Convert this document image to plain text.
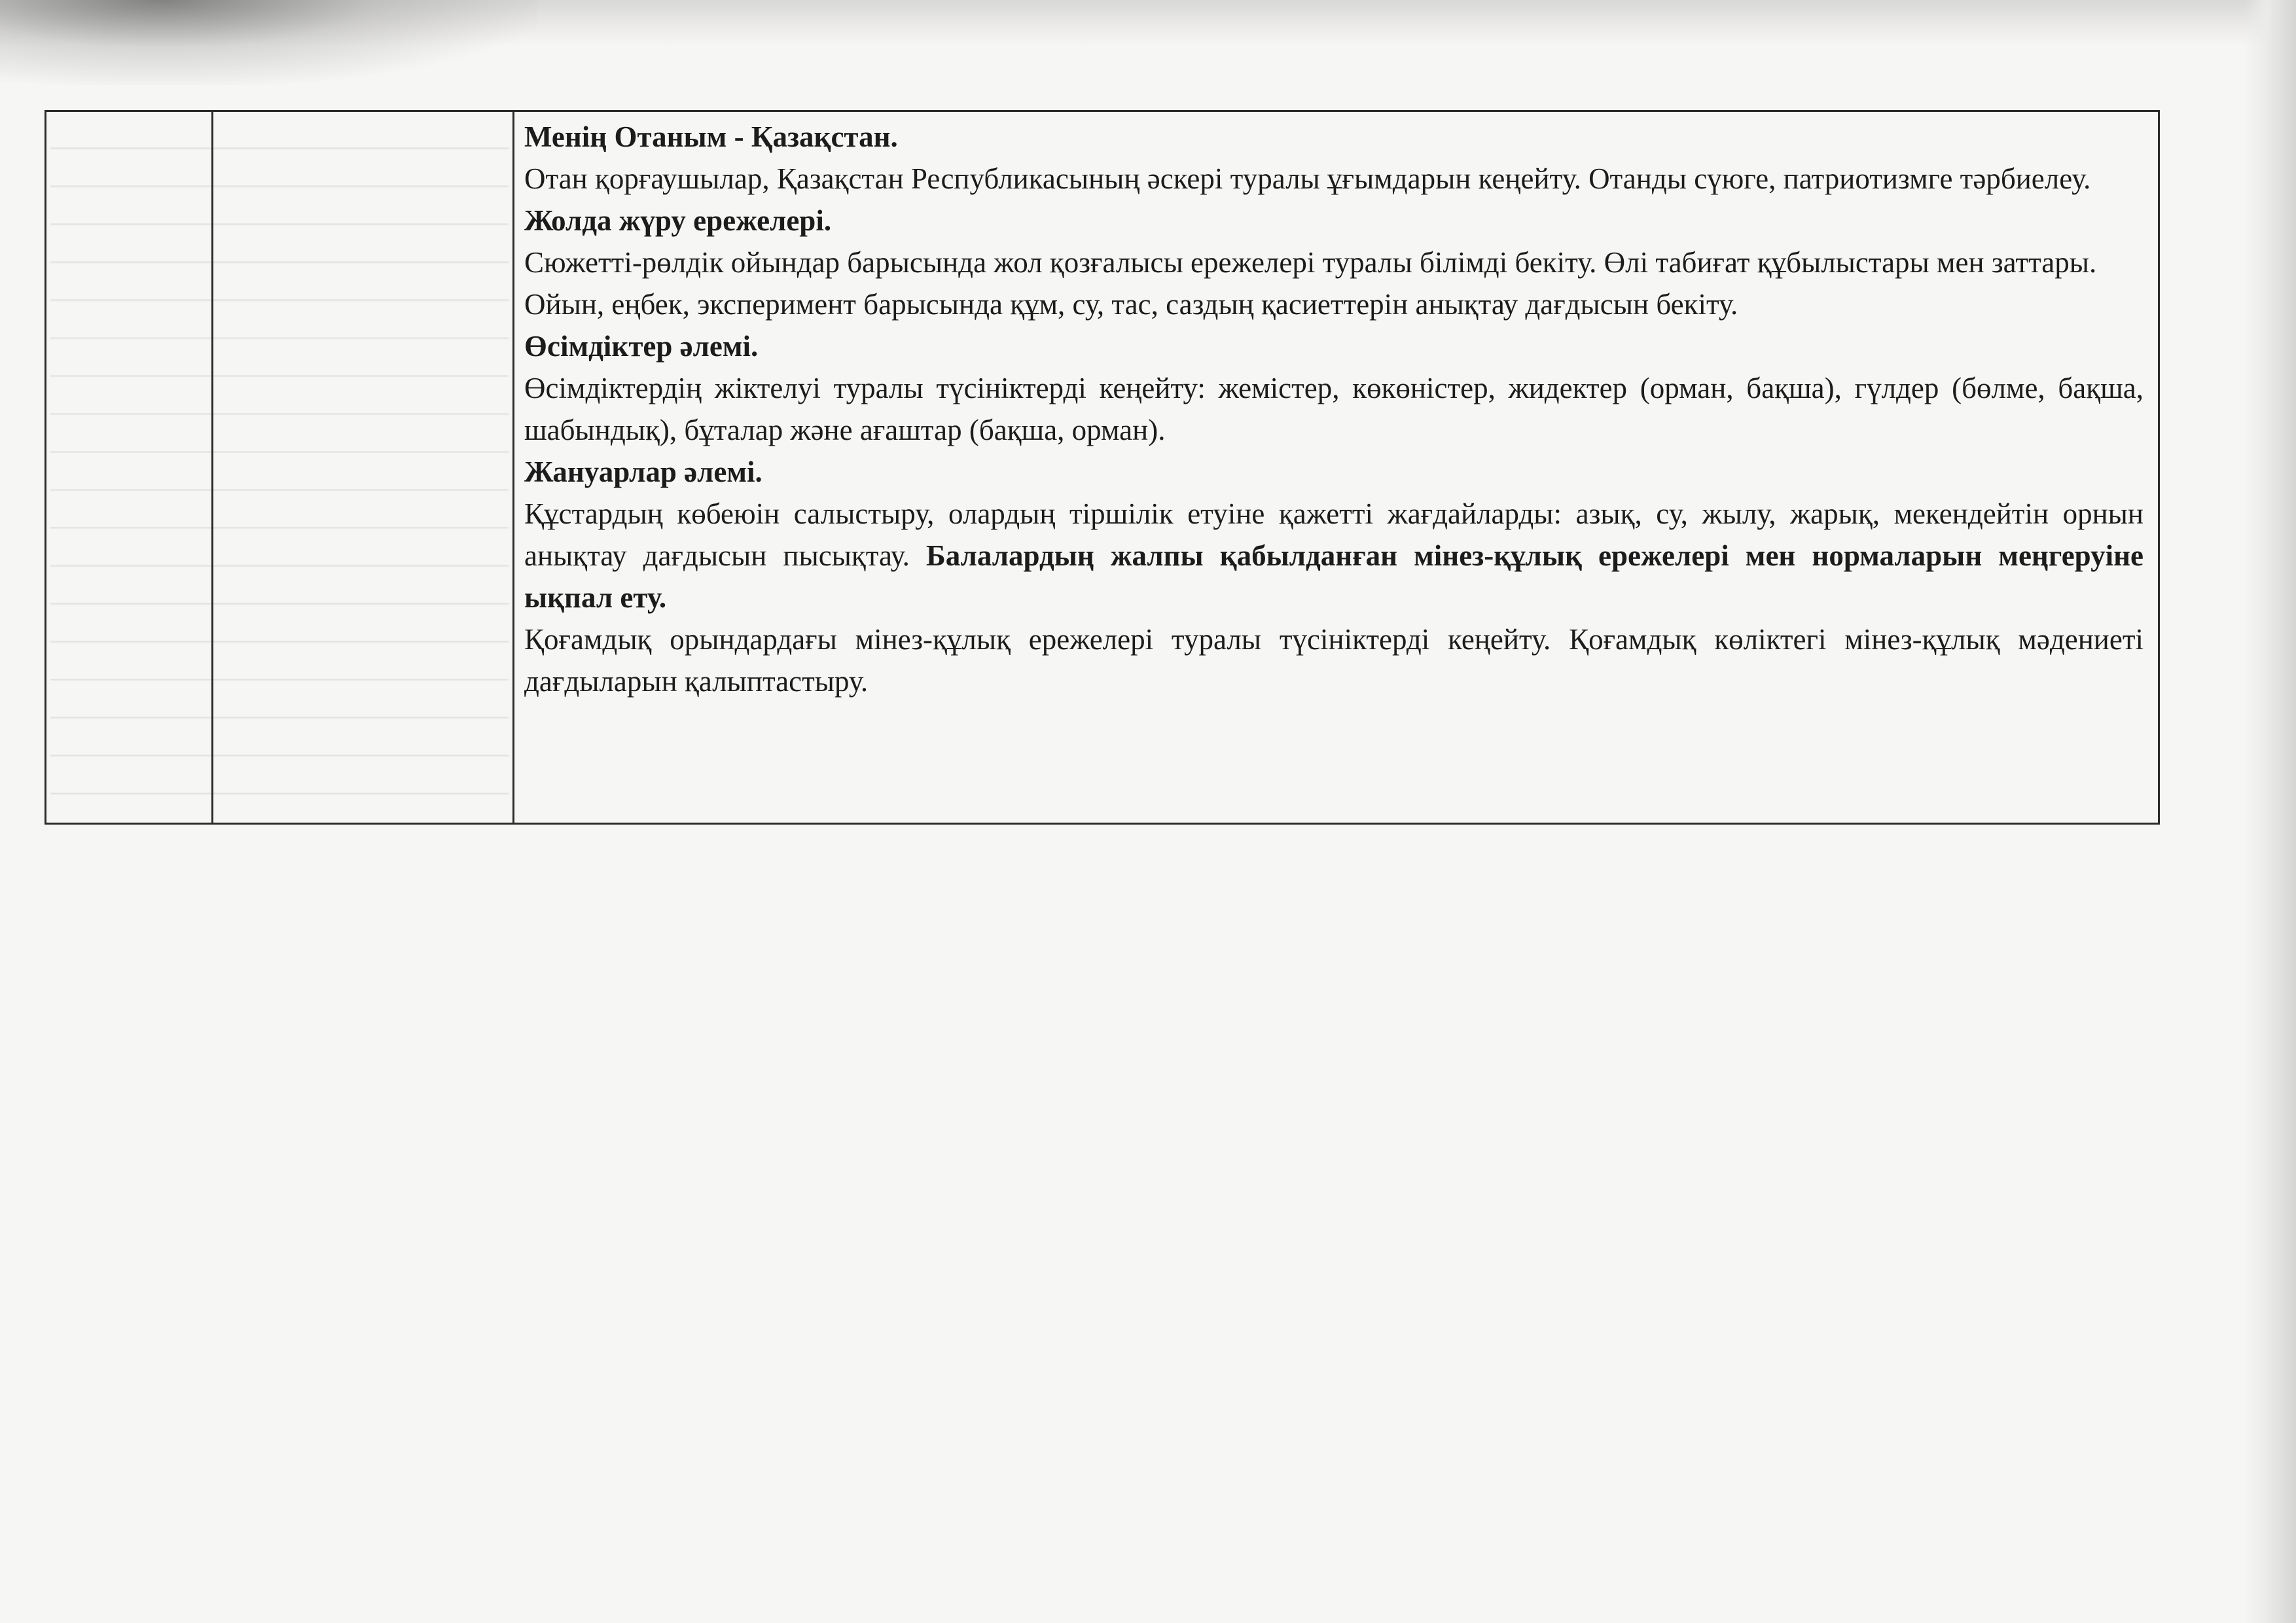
Менің Отаным - Қазақстан.

Отан қорғаушылар, Қазақстан Республикасының әскері туралы ұғымдарын кеңейту. Отанды сүюге, патриотизмге тәрбиелеу.

Жолда жүру ережелері.

Сюжетті-рөлдік ойындар барысында жол қозғалысы ережелері туралы білімді бекіту. Өлі табиғат құбылыстары мен заттары.

Ойын, еңбек, эксперимент барысында құм, су, тас, саздың қасиеттерін анықтау дағдысын бекіту.

Өсімдіктер әлемі.

Өсімдіктердің жіктелуі туралы түсініктерді кеңейту: жемістер, көкөністер, жидектер (орман, бақша), гүлдер (бөлме, бақша, шабындық), бұталар және ағаштар (бақша, орман).

Жануарлар әлемі.

Құстардың көбеюін салыстыру, олардың тіршілік етуіне қажетті жағдайларды: азық, су, жылу, жарық, мекендейтін орнын анықтау дағдысын пысықтау. Балалардың жалпы қабылданған мінез-құлық ережелері мен нормаларын меңгеруіне ықпал ету.

Қоғамдық орындардағы мінез-құлық ережелері туралы түсініктерді кеңейту. Қоғамдық көліктегі мінез-құлық мәдениеті дағдыларын қалыптастыру.
